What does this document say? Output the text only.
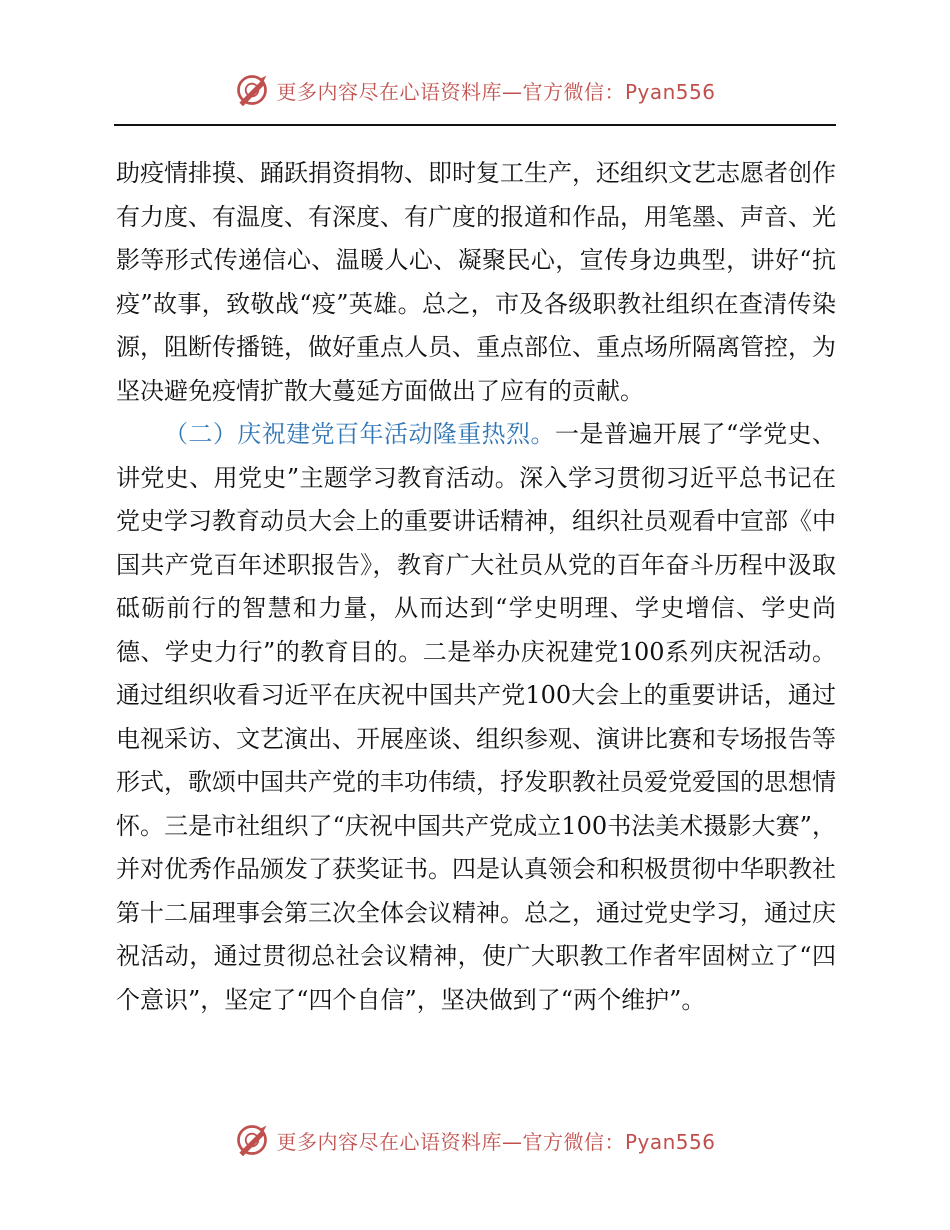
更多内容尽在心语资料库—官方微信：Pyan556

助疫情排摸、踊跃捐资捐物、即时复工生产，还组织文艺志愿者创作有力度、有温度、有深度、有广度的报道和作品，用笔墨、声音、光影等形式传递信心、温暖人心、凝聚民心，宣传身边典型，讲好“抗疫”故事，致敬战“疫”英雄。总之，市及各级职教社组织在查清传染源，阻断传播链，做好重点人员、重点部位、重点场所隔离管控，为坚决避免疫情扩散大蔓延方面做出了应有的贡献。

（二）庆祝建党百年活动隆重热烈。一是普遍开展了“学党史、讲党史、用党史”主题学习教育活动。深入学习贯彻习近平总书记在党史学习教育动员大会上的重要讲话精神，组织社员观看中宣部《中国共产党百年述职报告》，教育广大社员从党的百年奋斗历程中汲取砥砺前行的智慧和力量，从而达到“学史明理、学史增信、学史尚德、学史力行”的教育目的。二是举办庆祝建党100系列庆祝活动。通过组织收看习近平在庆祝中国共产党100大会上的重要讲话，通过电视采访、文艺演出、开展座谈、组织参观、演讲比赛和专场报告等形式，歌颂中国共产党的丰功伟绩，抒发职教社员爱党爱国的思想情怀。三是市社组织了“庆祝中国共产党成立100书法美术摄影大赛”，并对优秀作品颁发了获奖证书。四是认真领会和积极贯彻中华职教社第十二届理事会第三次全体会议精神。总之，通过党史学习，通过庆祝活动，通过贯彻总社会议精神，使广大职教工作者牢固树立了“四个意识”，坚定了“四个自信”，坚决做到了“两个维护”。

更多内容尽在心语资料库—官方微信：Pyan556
